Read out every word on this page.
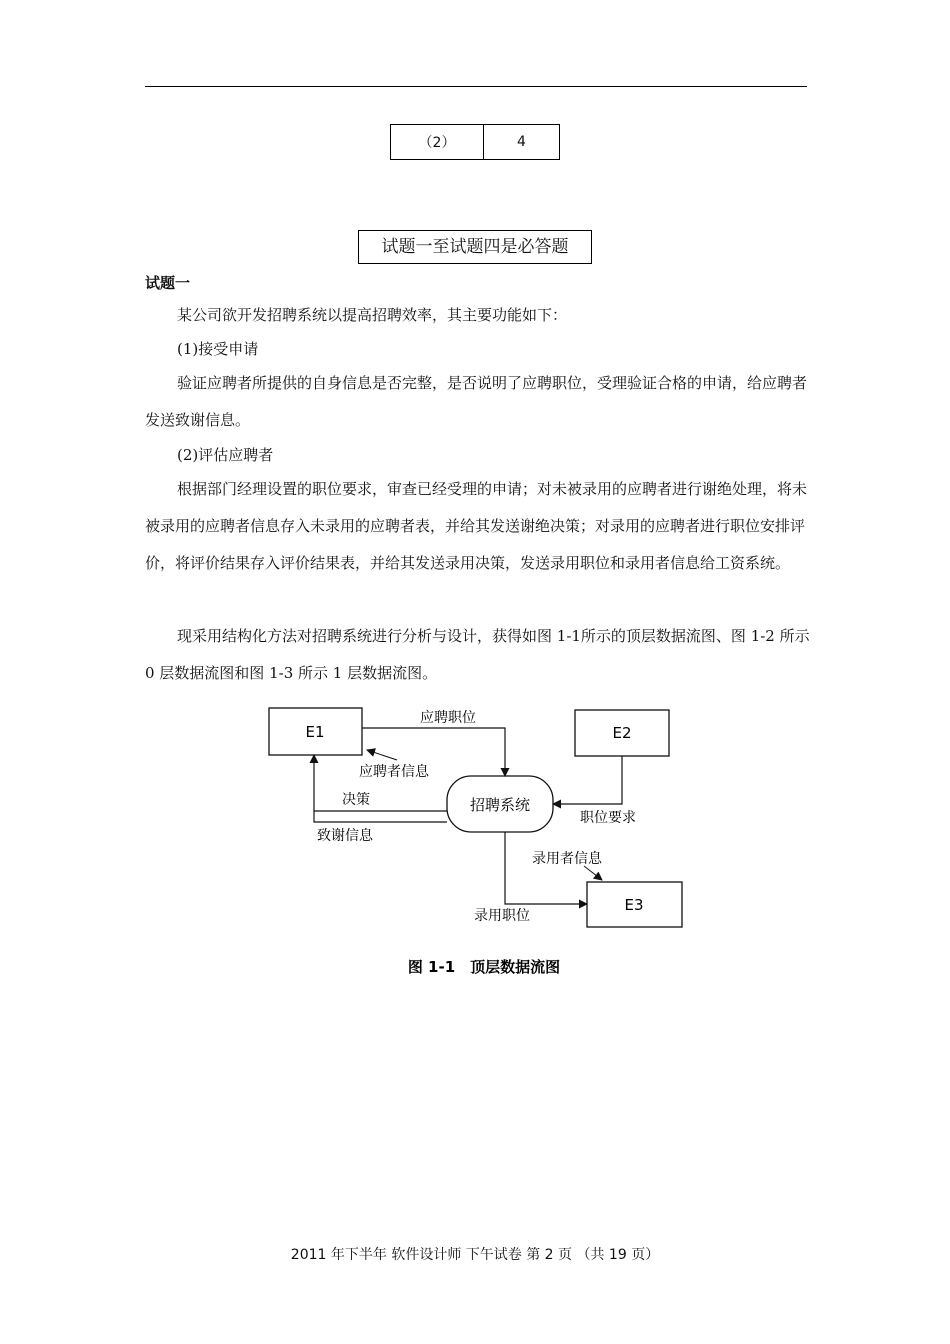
（2）	4
试题一至试题四是必答题
试题一

某公司欲开发招聘系统以提高招聘效率，其主要功能如下：

(1)接受申请

验证应聘者所提供的自身信息是否完整，是否说明了应聘职位，受理验证合格的申请，给应聘者发送致谢信息。

(2)评估应聘者

根据部门经理设置的职位要求，审查已经受理的申请；对未被录用的应聘者进行谢绝处理，将未被录用的应聘者信息存入未录用的应聘者表，并给其发送谢绝决策；对录用的应聘者进行职位安排评价，将评价结果存入评价结果表，并给其发送录用决策，发送录用职位和录用者信息给工资系统。

现采用结构化方法对招聘系统进行分析与设计，获得如图 1-1所示的顶层数据流图、图 1-2 所示 0 层数据流图和图 1-3 所示 1 层数据流图。

E1	E2
E3
招聘系统
应聘职位
应聘者信息
决策
致谢信息
职位要求
录用职位
录用者信息
图 1-1　顶层数据流图
2011 年下半年 软件设计师 下午试卷 第 2 页 （共 19 页）
